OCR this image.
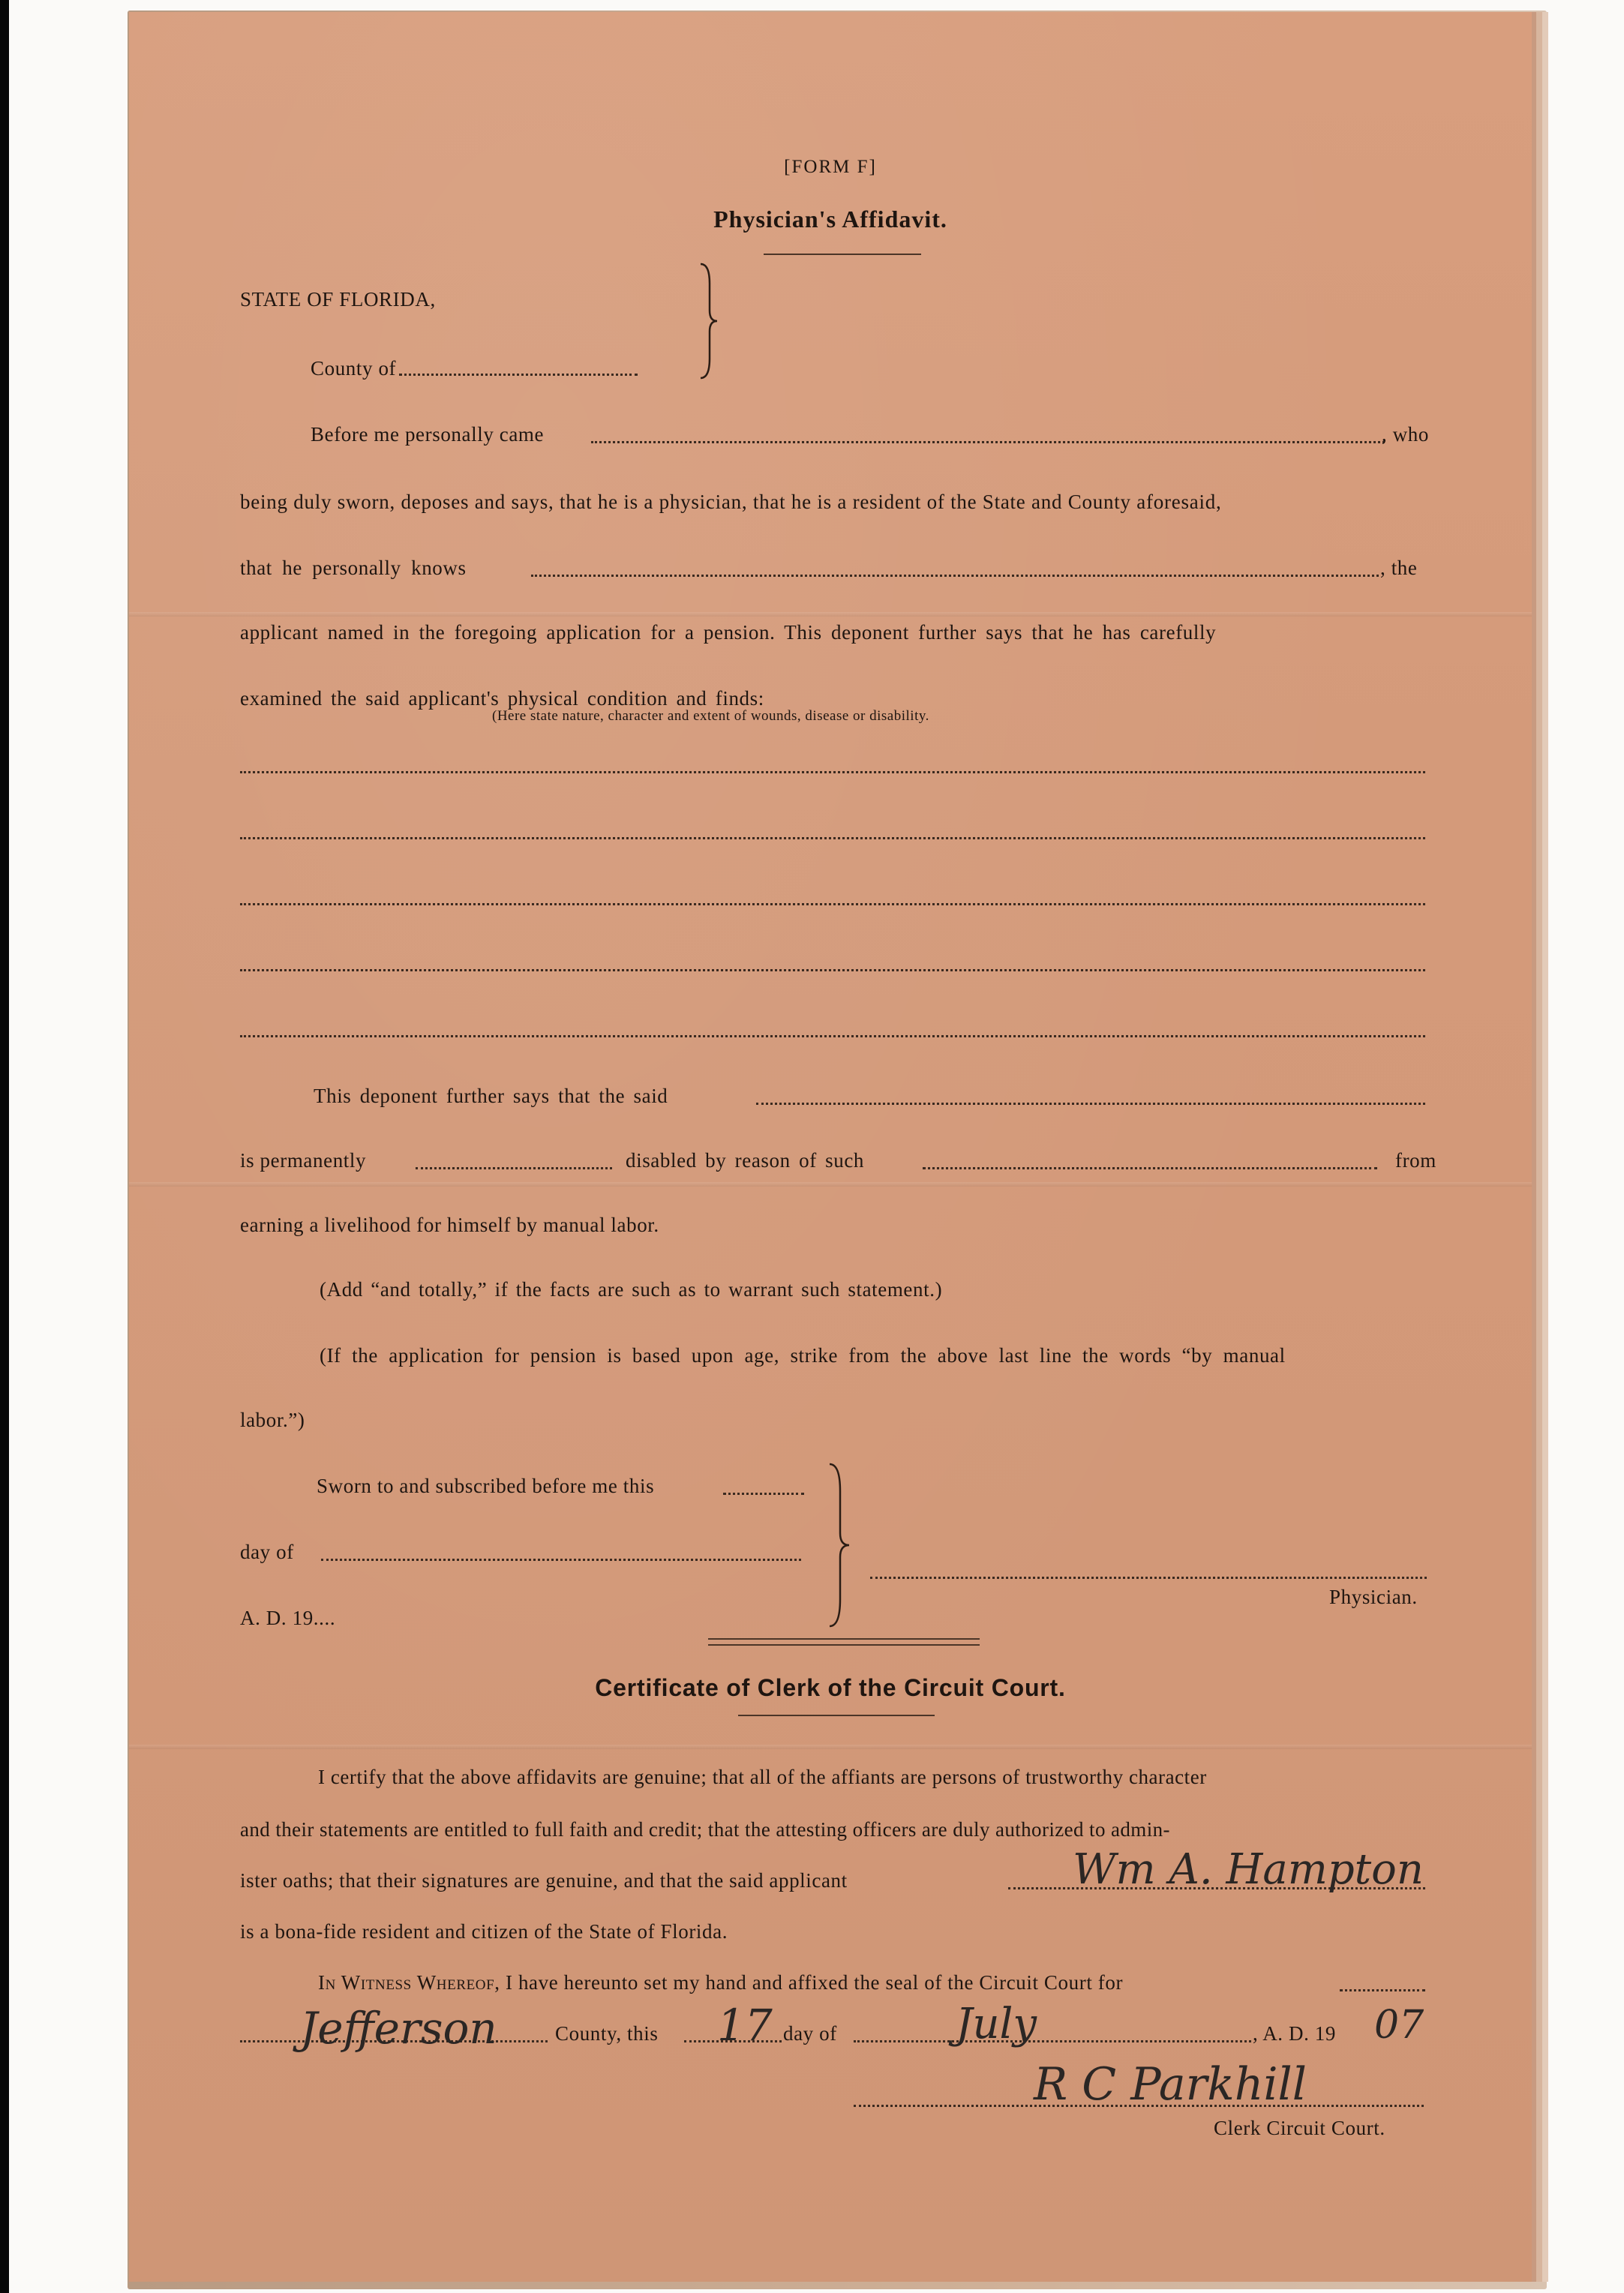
[FORM F]
Physician's Affidavit.
STATE OF FLORIDA,
County of
Before me personally came	, who
being duly sworn, deposes and says, that he is a physician, that he is a resident of the State and County aforesaid,
that he personally knows	, the
applicant named in the foregoing application for a pension. This deponent further says that he has carefully
examined the said applicant's physical condition and finds:
(Here state nature, character and extent of wounds, disease or disability.
This deponent further says that the said
is permanently	disabled by reason of such	from
earning a livelihood for himself by manual labor.
(Add “and totally,” if the facts are such as to warrant such statement.)
(If the application for pension is based upon age, strike from the above last line the words “by manual
labor.”)
Sworn to and subscribed before me this
day of
A. D. 19....
Physician.
Certificate of Clerk of the Circuit Court.
I certify that the above affidavits are genuine; that all of the affiants are persons of trustworthy character
and their statements are entitled to full faith and credit; that the attesting officers are duly authorized to admin-
ister oaths; that their signatures are genuine, and that the said applicant	Wm A. Hampton
is a bona-fide resident and citizen of the State of Florida.
In Witness Whereof, I have hereunto set my hand and affixed the seal of the Circuit Court for
Jefferson	County, this 17 day of	July	, A. D. 19 07
R C Parkhill
Clerk Circuit Court.
